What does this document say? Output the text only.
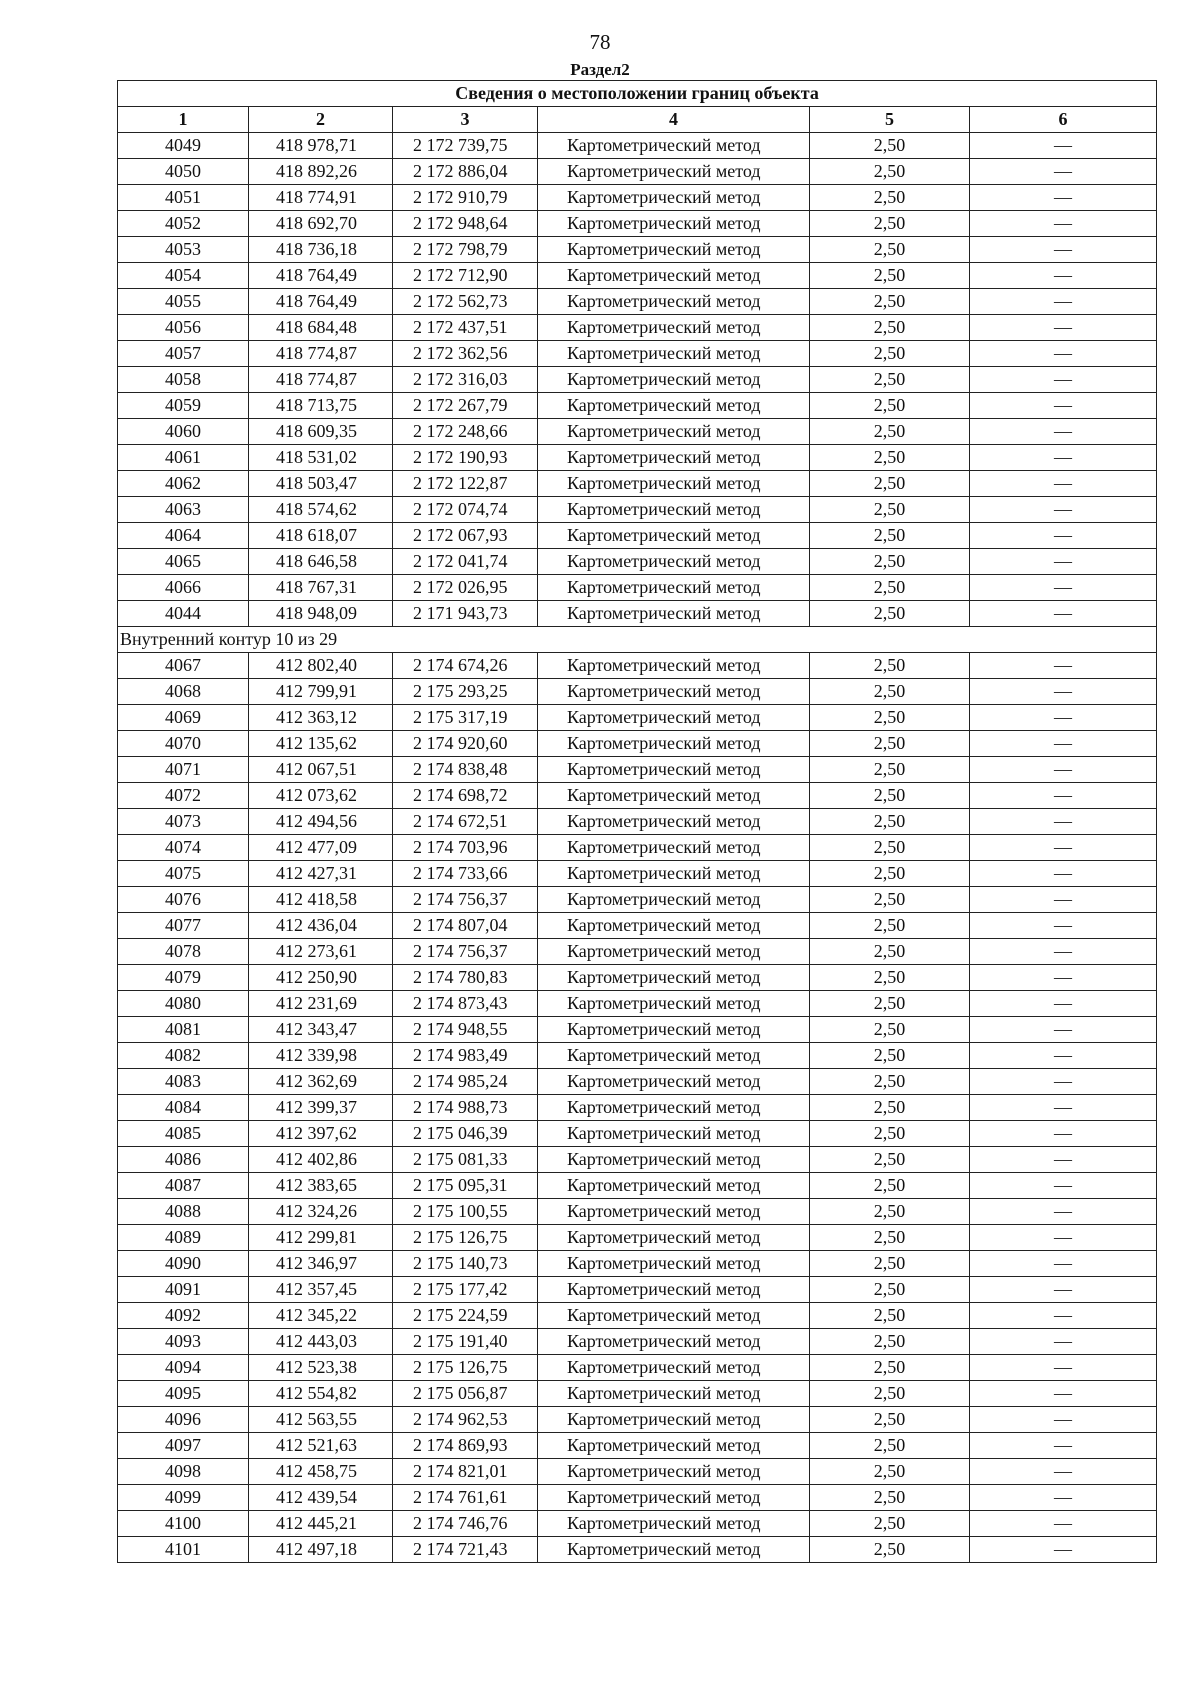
78
Раздел2
Сведения о местоположении границ объекта					
1	2	3	4	5	6
4049	418 978,71	2 172 739,75	Картометрический метод	2,50	—
4050	418 892,26	2 172 886,04	Картометрический метод	2,50	—
4051	418 774,91	2 172 910,79	Картометрический метод	2,50	—
4052	418 692,70	2 172 948,64	Картометрический метод	2,50	—
4053	418 736,18	2 172 798,79	Картометрический метод	2,50	—
4054	418 764,49	2 172 712,90	Картометрический метод	2,50	—
4055	418 764,49	2 172 562,73	Картометрический метод	2,50	—
4056	418 684,48	2 172 437,51	Картометрический метод	2,50	—
4057	418 774,87	2 172 362,56	Картометрический метод	2,50	—
4058	418 774,87	2 172 316,03	Картометрический метод	2,50	—
4059	418 713,75	2 172 267,79	Картометрический метод	2,50	—
4060	418 609,35	2 172 248,66	Картометрический метод	2,50	—
4061	418 531,02	2 172 190,93	Картометрический метод	2,50	—
4062	418 503,47	2 172 122,87	Картометрический метод	2,50	—
4063	418 574,62	2 172 074,74	Картометрический метод	2,50	—
4064	418 618,07	2 172 067,93	Картометрический метод	2,50	—
4065	418 646,58	2 172 041,74	Картометрический метод	2,50	—
4066	418 767,31	2 172 026,95	Картометрический метод	2,50	—
4044	418 948,09	2 171 943,73	Картометрический метод	2,50	—
Внутренний контур 10 из 29					
4067	412 802,40	2 174 674,26	Картометрический метод	2,50	—
4068	412 799,91	2 175 293,25	Картометрический метод	2,50	—
4069	412 363,12	2 175 317,19	Картометрический метод	2,50	—
4070	412 135,62	2 174 920,60	Картометрический метод	2,50	—
4071	412 067,51	2 174 838,48	Картометрический метод	2,50	—
4072	412 073,62	2 174 698,72	Картометрический метод	2,50	—
4073	412 494,56	2 174 672,51	Картометрический метод	2,50	—
4074	412 477,09	2 174 703,96	Картометрический метод	2,50	—
4075	412 427,31	2 174 733,66	Картометрический метод	2,50	—
4076	412 418,58	2 174 756,37	Картометрический метод	2,50	—
4077	412 436,04	2 174 807,04	Картометрический метод	2,50	—
4078	412 273,61	2 174 756,37	Картометрический метод	2,50	—
4079	412 250,90	2 174 780,83	Картометрический метод	2,50	—
4080	412 231,69	2 174 873,43	Картометрический метод	2,50	—
4081	412 343,47	2 174 948,55	Картометрический метод	2,50	—
4082	412 339,98	2 174 983,49	Картометрический метод	2,50	—
4083	412 362,69	2 174 985,24	Картометрический метод	2,50	—
4084	412 399,37	2 174 988,73	Картометрический метод	2,50	—
4085	412 397,62	2 175 046,39	Картометрический метод	2,50	—
4086	412 402,86	2 175 081,33	Картометрический метод	2,50	—
4087	412 383,65	2 175 095,31	Картометрический метод	2,50	—
4088	412 324,26	2 175 100,55	Картометрический метод	2,50	—
4089	412 299,81	2 175 126,75	Картометрический метод	2,50	—
4090	412 346,97	2 175 140,73	Картометрический метод	2,50	—
4091	412 357,45	2 175 177,42	Картометрический метод	2,50	—
4092	412 345,22	2 175 224,59	Картометрический метод	2,50	—
4093	412 443,03	2 175 191,40	Картометрический метод	2,50	—
4094	412 523,38	2 175 126,75	Картометрический метод	2,50	—
4095	412 554,82	2 175 056,87	Картометрический метод	2,50	—
4096	412 563,55	2 174 962,53	Картометрический метод	2,50	—
4097	412 521,63	2 174 869,93	Картометрический метод	2,50	—
4098	412 458,75	2 174 821,01	Картометрический метод	2,50	—
4099	412 439,54	2 174 761,61	Картометрический метод	2,50	—
4100	412 445,21	2 174 746,76	Картометрический метод	2,50	—
4101	412 497,18	2 174 721,43	Картометрический метод	2,50	—
